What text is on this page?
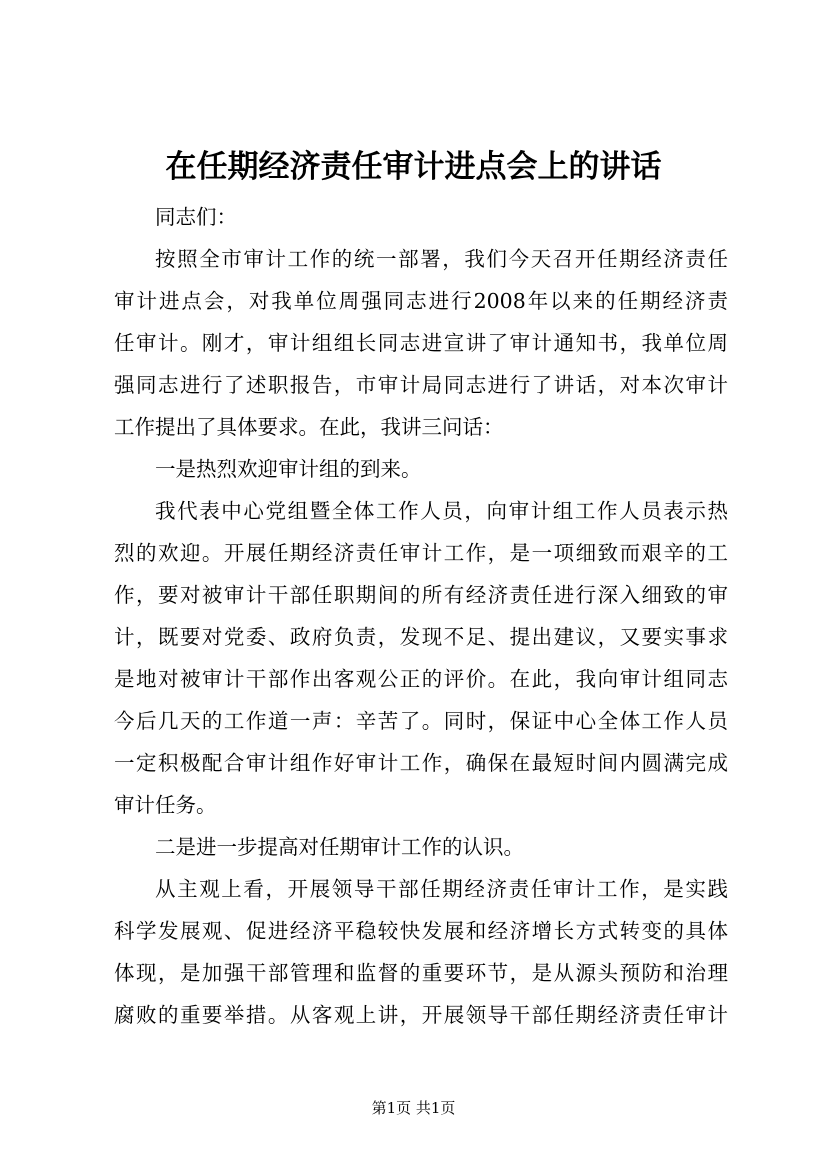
在任期经济责任审计进点会上的讲话
同志们：
按照全市审计工作的统一部署，我们今天召开任期经济责任
审计进点会，对我单位周强同志进行2008年以来的任期经济责
任审计。刚才，审计组组长同志进宣讲了审计通知书，我单位周
强同志进行了述职报告，市审计局同志进行了讲话，对本次审计
工作提出了具体要求。在此，我讲三问话：
一是热烈欢迎审计组的到来。
我代表中心党组暨全体工作人员，向审计组工作人员表示热
烈的欢迎。开展任期经济责任审计工作，是一项细致而艰辛的工
作，要对被审计干部任职期间的所有经济责任进行深入细致的审
计，既要对党委、政府负责，发现不足、提出建议，又要实事求
是地对被审计干部作出客观公正的评价。在此，我向审计组同志
今后几天的工作道一声：辛苦了。同时，保证中心全体工作人员
一定积极配合审计组作好审计工作，确保在最短时间内圆满完成
审计任务。
二是进一步提高对任期审计工作的认识。
从主观上看，开展领导干部任期经济责任审计工作，是实践
科学发展观、促进经济平稳较快发展和经济增长方式转变的具体
体现，是加强干部管理和监督的重要环节，是从源头预防和治理
腐败的重要举措。从客观上讲，开展领导干部任期经济责任审计
第1页 共1页
